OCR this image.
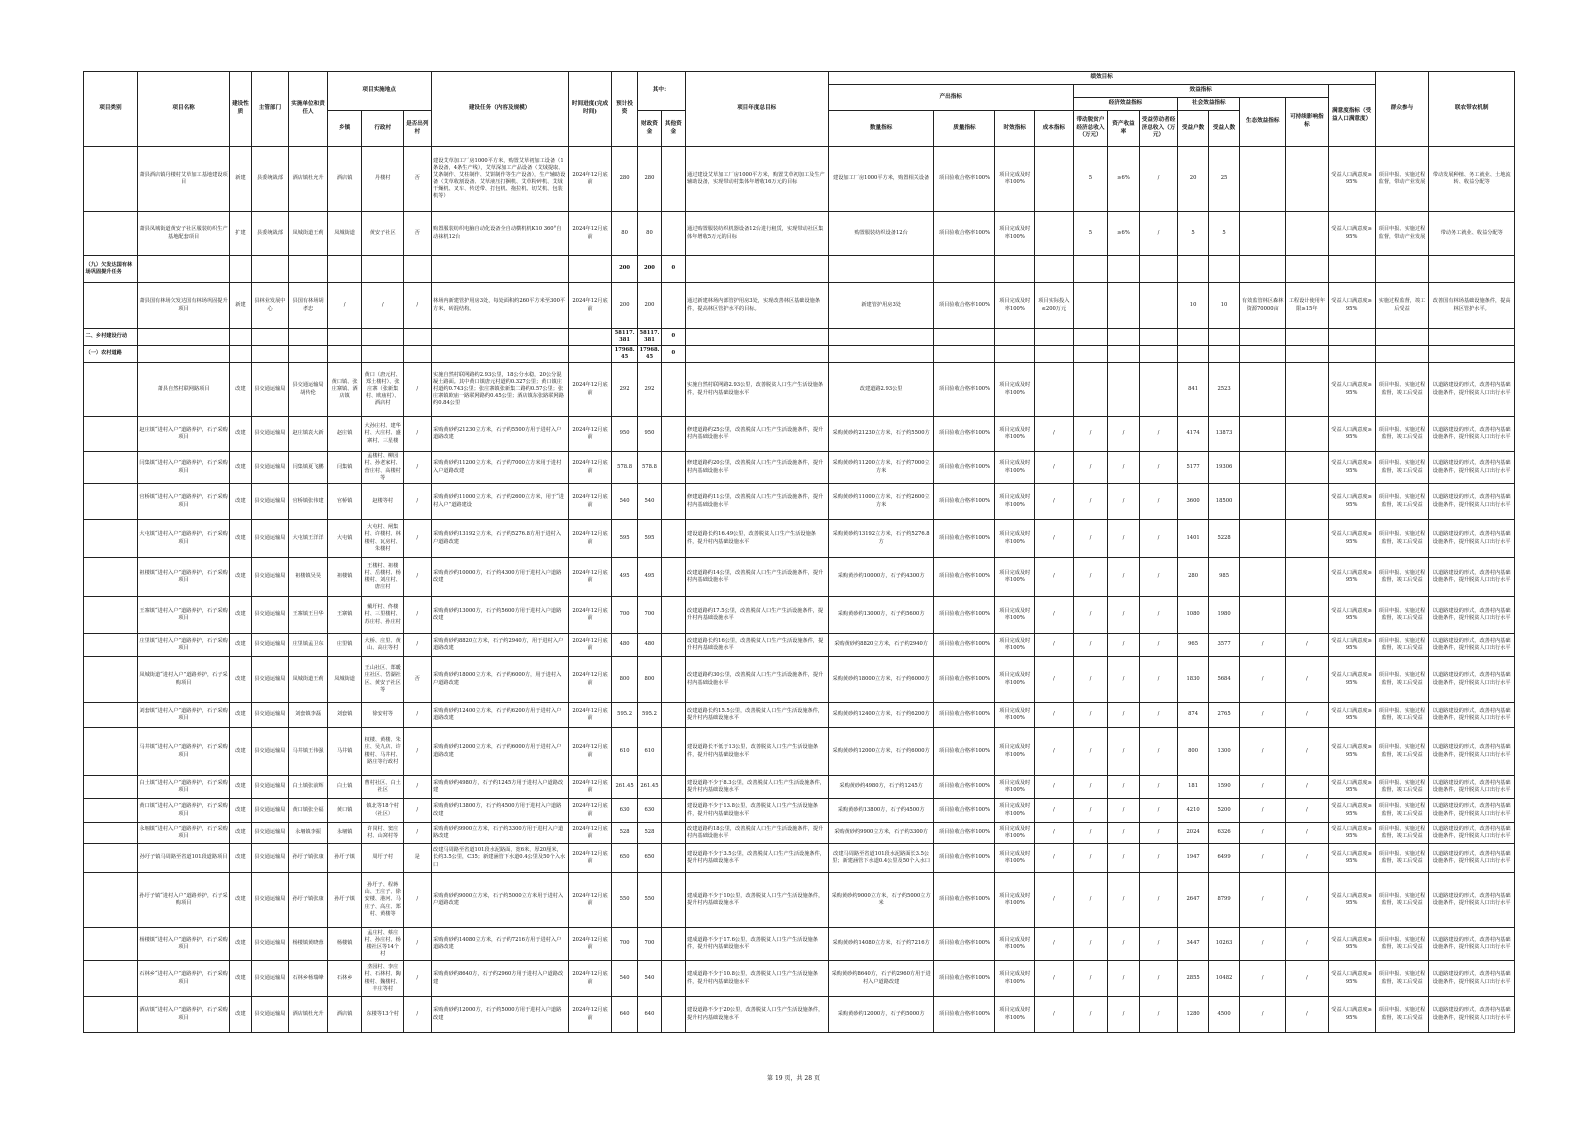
项目类别	项目名称	建设性质	主管部门	实施单位和责任人	项目实施地点			建设任务（内容及规模）	时间进度(完成时间)	预计投资	其中：		项目年度总目标	绩效目标												群众参与	联农带农机制
														产出指标				效益指标							满意度指标（受益人口满意度）		
																		经济效益指标			社会效益指标		生态效益指标	可持续影响指标			
					乡镇	行政村	是否出列村				财政资金	其他资金		数量指标	质量指标	时效指标	成本指标	带动脱贫户经济总收入（万元）	资产收益率	受益劳动者经济总收入（万元）	受益户数	受益人数					
	萧县酒店镇丹楼村艾草加工基地建设项目	新建	县委统战部	酒店镇杜允升	酒店镇	丹楼村	否	建设艾草加工厂房1000平方米，购置艾草初加工设备（1条设备，4条生产线），艾草深加工产品设备（艾绒提取、艾条制作、艾柱制作、艾饼制作等生产设备），生产辅助设备（艾草收割设备、艾草液压打捆机、艾草粉碎机、艾绒干燥机、叉车、传送带、打包机、拖拉机、切艾机、包装机等）	2024年12月底前	280	280		通过建设艾草加工厂房1000平方米，购置艾草初加工及生产辅助设备，实现带动村集体年增收16万元的目标	建设加工厂房1000平方米，购置相关设备	项目验收合格率100%	项目完成及时率100%		5	≥6%	/	20	25			受益人口满意度≥95%	项目申报、实施过程监督，带动产业发展	带动发展种植、务工就业、土地流转、收益分配等
	萧县凤城街道黄安子社区服装纺织生产基地配套项目	扩建	县委统战部	凤城街道王莉	凤城街道	黄安子社区	否	购置服装纺织电脑自动化设备全自动横机机K10 360°自动袜机12台	2024年12月底前	80	80		通过购置服装纺织机器设备12台进行租赁，实现带动社区集体年增收5万元的目标	购置服装纺织设备12台	项目验收合格率100%	项目完成及时率100%		5	≥6%	/	5	5			受益人口满意度≥95%	项目申报、实施过程监督，带动产业发展	带动务工就业、收益分配等
（九）欠发达国有林场巩固提升任务										200	200	0															
	萧县国有林场欠发达国有林场巩固提升项目	新建	县林业发展中心	县国有林场胡孝忠	/	/	/	林场内新建管护用房3处，每处面积约260平方米至300平方米，砖混结构。	2024年12月底前	200	200		通过新建林场内部管护用房3处，实现改善林区基础设施条件，提高林区管护水平的目标。	新建管护用房3处	项目验收合格率100%	项目完成及时率100%	项目实际投入≤200万元				10	10	有效监管林区森林资源70000亩	工程设计使用年限≥15年	受益人口满意度≥95%	实施过程监督，竣工后受益	改善国有林场基础设施条件，提高林区管护水平。
二、乡村建设行动										58117.381	58117.381	0															
（一）农村道路										17968.45	17968.45	0															
	萧县自然村联网路项目	改建	县交通运输局	县交通运输局胡传伦	黄口镇、张庄寨镇、酒店镇	黄口（唐元村、郑土楼村）、张庄寨（张新集村、欧庙村）、酒店村	/	实施自然村联网路约2.93公里，18公分水稳，20公分混凝土路面。其中黄口镇唐元村道约0.327公里；黄口镇庄村道约0.743公里；张庄寨镇张新集二路约0.57公里；张庄寨镇欧庙一路联网路约0.45公里；酒店镇东张路联网路约0.84公里	2024年12月底前	292	292		实施自然村联网路2.93公里，改善脱贫人口生产生活设施条件，提升村内基础设施水平	改建道路2.93公里	项目验收合格率100%	项目完成及时率100%					841	2523			受益人口满意度≥95%	项目申报、实施过程监督，竣工后受益	以道路建设的形式，改善村内基础设施条件，提升脱贫人口出行水平
	赵庄镇“进村入户”道路养护，石子采购项目	改建	县交通运输局	赵庄镇袁大新	赵庄镇	大孙庄村、建华村、大庄村、盛寨村、三星楼	/	采购黄砂约21230立方米，石子约5500方用于进村入户道路改建	2024年12月底前	950	950		修建道路约25公里，改善脱贫人口生产生活设施条件，提升村内基础设施水平	采购黄砂约21230立方米，石子约5500方	项目验收合格率100%	项目完成及时率100%	/	/	/	/	4174	13873			受益人口满意度≥95%	项目申报、实施过程监督，竣工后受益	以道路建设的形式，改善村内基础设施条件，提升脱贫人口出行水平
	闫集镇“进村入户”道路养护，石子采购项目	改建	县交通运输局	闫集镇夏飞鹏	闫集镇	孟楼村、柳园村、孙老家村、营庄村、高楼村等	/	采购黄砂约11200立方米，石子约7000立方米用于进村入户道路改建	2024年12月底前	578.8	578.8		修建道路约20公里，改善脱贫人口生产生活设施条件，提升村内基础设施水平	采购黄砂约11200立方米，石子约7000立方米	项目验收合格率100%	项目完成及时率100%	/	/	/	/	5177	19306			受益人口满意度≥95%	项目申报、实施过程监督，竣工后受益	以道路建设的形式，改善村内基础设施条件，提升脱贫人口出行水平
	官桥镇“进村入户”道路养护，石子采购项目	改建	县交通运输局	官桥镇张伟建	官桥镇	赵楼等村	/	采购黄砂约11000立方米，石子约2600立方米，用于“进村入户”道路建设	2024年12月底前	540	540		修建道路约11公里，改善脱贫人口生产生活设施条件，提升村内基础设施水平	采购黄砂约11000立方米，石子约2600立方米	项目验收合格率100%	项目完成及时率100%	/	/	/	/	3600	18500			受益人口满意度≥95%	项目申报、实施过程监督，竣工后受益	以道路建设的形式，改善村内基础设施条件，提升脱贫人口出行水平
	大屯镇“进村入户”道路养护，石子采购项目	改建	县交通运输局	大屯镇王洋洋	大屯镇	大屯村、闸集村、许楼村、林楼村、瓦房村、朱楼村	/	采购黄砂约13192立方米，石子约5276.8方用于进村入户道路改建	2024年12月底前	595	595		建设道路长约16.49公里，改善脱贫人口生产生活设施条件，提升村内基础设施水平	采购黄砂约13192立方米，石子约5276.8方	项目验收合格率100%	项目完成及时率100%	/	/	/	/	1401	5228			受益人口满意度≥95%	项目申报、实施过程监督，竣工后受益	以道路建设的形式，改善村内基础设施条件，提升脱贫人口出行水平
	祖楼镇“进村入户”道路养护，石子采购项目	改建	县交通运输局	祖楼镇吴昊	祖楼镇	王楼村、祖楼村、岳楼村、杨楼村、刘庄村、唐庄村	/	采购黄沙约10000方，石子约4300方用于进村入户道路改建	2024年12月底前	495	495		改建道路约14公里，改善脱贫人口生产生活设施条件，提升村内基础设施水平	采购黄沙约10000方，石子约4300方	项目验收合格率100%	项目完成及时率100%	/	/	/	/	280	985			受益人口满意度≥95%	项目申报、实施过程监督，竣工后受益	以道路建设的形式，改善村内基础设施条件，提升脱贫人口出行水平
	王寨镇“进村入户”道路养护，石子采购项目	改建	县交通运输局	王寨镇王旦华	王寨镇	戴圩村、佟楼村、三里楼村、苏庄村、孙庄村	/	采购黄砂约13000方，石子约5600方用于进村入户道路改建	2024年12月底前	700	700		改建道路约17.5公里，改善脱贫人口生产生活设施条件，提升村内基础设施水平	采购黄砂约13000方，石子约5600方	项目验收合格率100%	项目完成及时率100%	/	/	/	/	1080	1980			受益人口满意度≥95%	项目申报、实施过程监督，竣工后受益	以道路建设的形式，改善村内基础设施条件，提升脱贫人口出行水平
	庄里镇“进村入户”道路养护，石子采购项目	改建	县交通运输局	庄里镇孟卫东	庄里镇	大桥、庄里、黄山、高庄等村	/	采购黄砂约8820立方米，石子约2940方，用于进村入户道路改建	2024年12月底前	480	480		改建道路长约16公里，改善脱贫人口生产生活设施条件，提升村内基础设施水平	采购黄砂约8820立方米，石子约2940方	项目验收合格率100%	项目完成及时率100%	/	/	/	/	965	3577	/	/	受益人口满意度≥95%	项目申报、实施过程监督，竣工后受益	以道路建设的形式，改善村内基础设施条件，提升脱贫人口出行水平
	凤城街道“进村入户”道路养护，石子采购项目	改建	县交通运输局	凤城街道王莉	凤城街道	王山社区、郑暖庄社区、岱湖社区、黄安子社区等	否	采购黄砂约18000立方米，石子约6000方，用于进村入户道路改建	2024年12月底前	800	800		改建道路约30公里，改善脱贫人口生产生活设施条件，提升村内基础设施水平	采购黄砂约18000立方米，石子约6000方	项目验收合格率100%	项目完成及时率100%	/	/	/	/	1830	5684	/	/	受益人口满意度≥95%	项目申报、实施过程监督，竣工后受益	以道路建设的形式，改善村内基础设施条件，提升脱贫人口出行水平
	刘套镇“进村入户”道路养护，石子采购项目	改建	县交通运输局	刘套镇李磊	刘套镇	徐安村等	/	采购黄砂约12400立方米，石子约6200方用于进村入户道路改建	2024年12月底前	595.2	595.2		改建道路长约15.5公里，改善脱贫人口生产生活设施条件，提升村内基础设施水平	采购黄砂约12400立方米，石子约6200方	项目验收合格率100%	项目完成及时率100%	/	/	/	/	874	2765	/	/	受益人口满意度≥95%	项目申报、实施过程监督，竣工后受益	以道路建设的形式，改善村内基础设施条件，提升脱贫人口出行水平
	马井镇“进村入户”道路养护，石子采购项目	改建	县交通运输局	马井镇王伟强	马井镇	权楼、黄楼、朱庄、吴九店、许楼村、马井村、路庄等行政村	/	采购黄砂约12000立方米，石子约6000方用于进村入户道路改建	2024年12月底前	610	610		建设道路长不低于13公里，改善脱贫人口生产生活设施条件，提升村内基础设施水平	采购黄砂约12000立方米，石子约6000方	项目验收合格率100%	项目完成及时率100%	/	/	/	/	800	1300	/	/	受益人口满意度≥95%	项目申报、实施过程监督，竣工后受益	以道路建设的形式，改善村内基础设施条件，提升脱贫人口出行水平
	白土镇“进村入户”道路养护，石子采购项目	改建	县交通运输局	白土镇张前辉	白土镇	曹村社区、白土社区	/	采购黄砂约4980方，石子约1245方用于进村入户道路改建	2024年12月底前	261.45	261.45		建设道路不少于8.3公里，改善脱贫人口生产生活设施条件，提升村内基础设施水平	采购黄砂约4980方，石子约1245方	项目验收合格率100%	项目完成及时率100%	/	/	/	/	181	1590	/	/	受益人口满意度≥95%	项目申报、实施过程监督，竣工后受益	以道路建设的形式，改善村内基础设施条件，提升脱贫人口出行水平
	黄口镇“进村入户”道路养护，石子采购项目	改建	县交通运输局	黄口镇张全福	黄口镇	镇北等18个村（社区）	/	采购黄砂约13800方，石子约4500方用于进村入户道路改建	2024年12月底前	630	630		建设道路不少于13.8公里，改善脱贫人口生产生活设施条件，提升村内基础设施水平	采购黄砂约13800方，石子约4500方	项目验收合格率100%	项目完成及时率100%	/	/	/	/	4210	5200	/	/	受益人口满意度≥95%	项目申报、实施过程监督，竣工后受益	以道路建设的形式，改善村内基础设施条件，提升脱贫人口出行水平
	永堌镇“进村入户”道路养护，石子采购项目	改建	县交通运输局	永堌镇李振	永堌镇	许岗村、窦庄村、山窝村等	/	采购黄砂约9900立方米，石子约3300方用于进村入户道路改建	2024年12月底前	528	528		改建道路约18公里，改善脱贫人口生产生活设施条件，提升村内基础设施水平	采购黄砂约9900立方米，石子约3300方	项目验收合格率100%	项目完成及时率100%	/	/	/	/	2024	6326	/	/	受益人口满意度≥95%	项目申报、实施过程监督，竣工后受益	以道路建设的形式，改善村内基础设施条件，提升脱贫人口出行水平
	孙圩子镇马周路至省道101段道路项目	改建	县交通运输局	孙圩子镇张康	孙圩子镇	周圩子村	是	改建马周路至省道101段水泥路面，宽6米，厚20厘米，长约3.5公里，C35；新建涵管下水道0.4公里及50个入水口	2024年12月底前	650	650		建设道路不少于3.5公里，改善脱贫人口生产生活设施条件，提升村内基础设施水平	改建马周路至省道101段水泥路面长3.5公里；新建涵管下水道0.4公里及50个入水口	项目验收合格率100%	项目完成及时率100%	/	/	/	/	1947	6499	/	/	受益人口满意度≥95%	项目申报、实施过程监督，竣工后受益	以道路建设的形式，改善村内基础设施条件，提升脱贫人口出行水平
	孙圩子镇“进村入户”道路养护，石子采购项目	改建	县交通运输局	孙圩子镇张康	孙圩子镇	孙圩子、程蒋山、王庄子、徐安楼、港河、马庄子、高庄、郑村、黄楼等	/	采购黄砂约9000立方米，石子约5000立方米用于进村入户道路改建	2024年12月底前	550	550		建成道路不少于10公里，改善脱贫人口生产生活设施条件，提升村内基础设施水平	采购黄砂约9000立方米，石子约5000立方米	项目验收合格率100%	项目完成及时率100%	/	/	/	/	2647	8799	/	/	受益人口满意度≥95%	项目申报、实施过程监督，竣工后受益	以道路建设的形式，改善村内基础设施条件，提升脱贫人口出行水平
	杨楼镇“进村入户”道路养护，石子采购项目	改建	县交通运输局	杨楼镇黄晓蓉	杨楼镇	孟庄村、蔡庄村、孙庄村、杨楼社区等14个村	/	采购黄砂约14080立方米，石子约7216方用于进村入户道路改建	2024年12月底前	700	700		建成道路不少于17.6公里，改善脱贫人口生产生活设施条件，提升村内基础设施水平	采购黄砂约14080立方米，石子约7216方	项目验收合格率100%	项目完成及时率100%	/	/	/	/	3447	10263	/	/	受益人口满意度≥95%	项目申报、实施过程监督，竣工后受益	以道路建设的形式，改善村内基础设施条件，提升脱贫人口出行水平
	石林乡“进村入户”道路养护，石子采购项目	改建	县交通运输局	石林乡杨瑞峰	石林乡	垄园村、李庄村、石林村、陶楼村、魏楼村、丰庄等村	/	采购黄砂约8640方，石子约2960方用于进村入户道路改建	2024年12月底前	540	540		建成道路不少于10.8公里，改善脱贫人口生产生活设施条件，提升村内基础设施水平	采购黄砂约8640方，石子约2960方用于进村入户道路改建	项目验收合格率100%	项目完成及时率100%	/	/	/	/	2855	10482	/	/	受益人口满意度≥95%	项目申报、实施过程监督，竣工后受益	以道路建设的形式，改善村内基础设施条件，提升脱贫人口出行水平
	酒店镇“进村入户”道路养护，石子采购项目	改建	县交通运输局	酒店镇杜允升	酒店镇	东楼等13个村	/	采购黄砂约12000方，石子约5000方用于进村入户道路改建	2024年12月底前	640	640		建设道路不少于20公里，改善脱贫人口生产生活设施条件，提升村内基础设施水平	采购黄砂约12000方，石子约5000方	项目验收合格率100%	项目完成及时率100%	/	/	/	/	1280	4500	/	/	受益人口满意度≥95%	项目申报、实施过程监督，竣工后受益	以道路建设的形式，改善村内基础设施条件，提升脱贫人口出行水平
第 19 页，共 28 页
